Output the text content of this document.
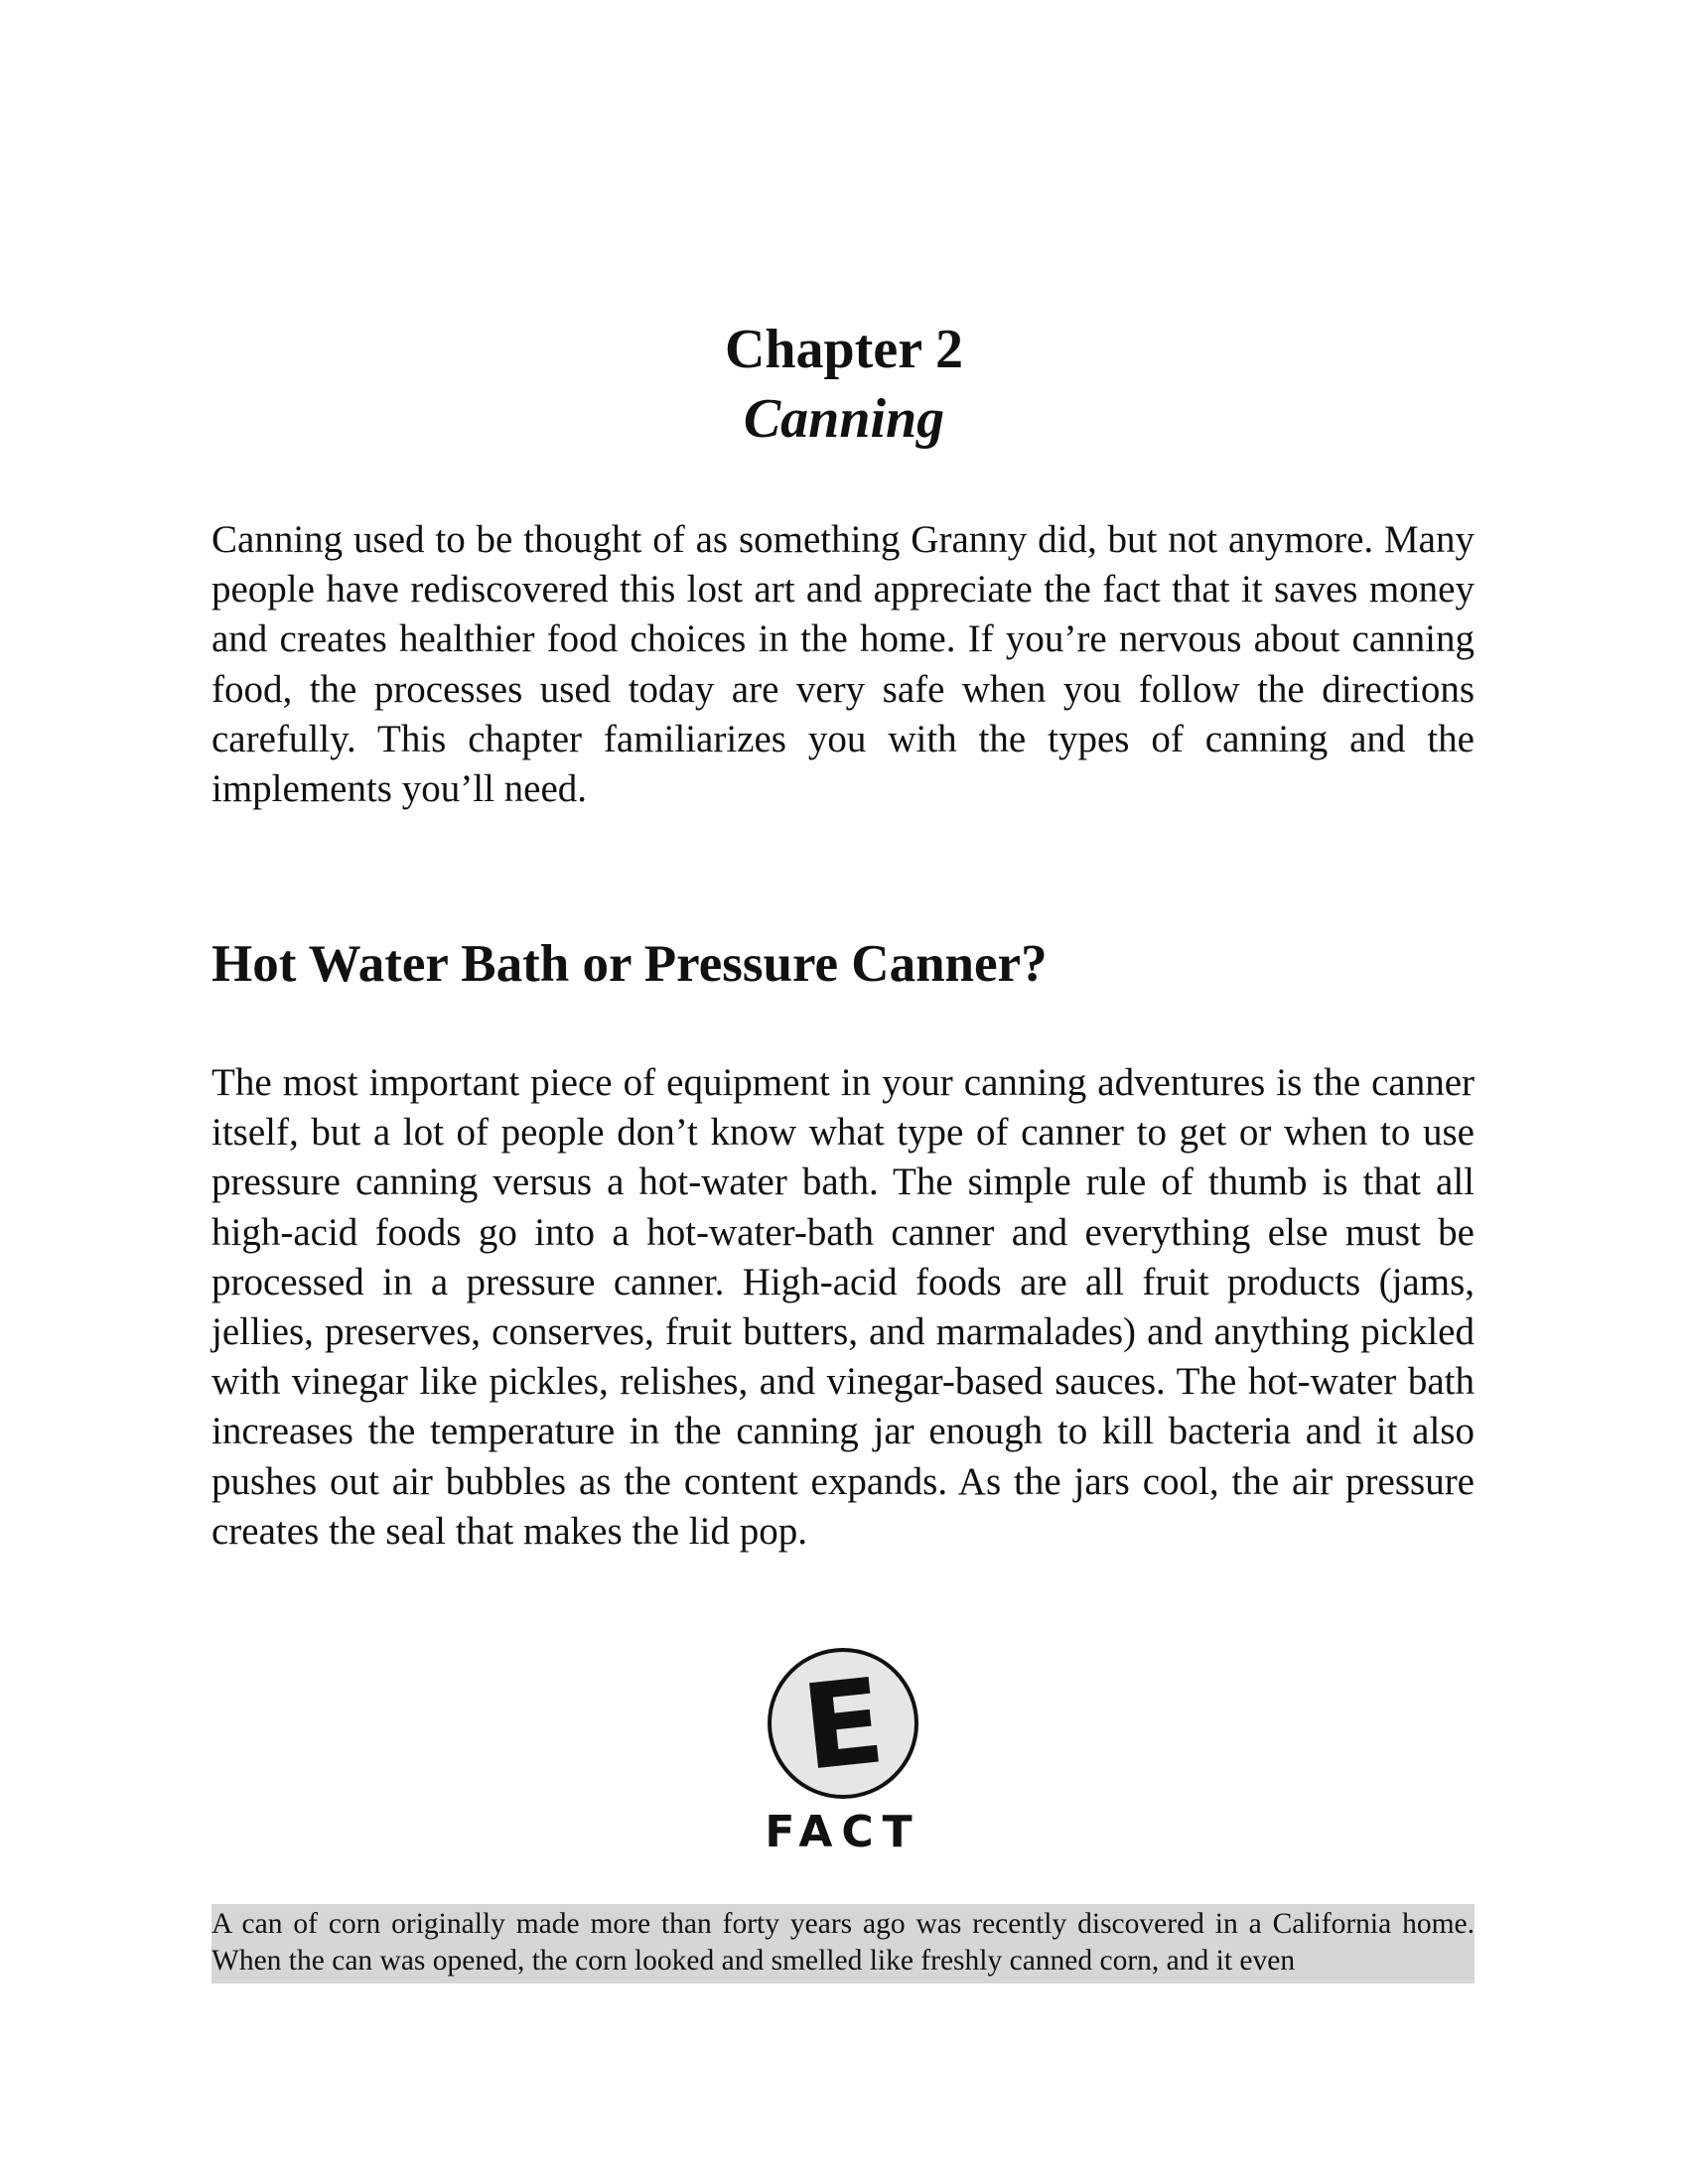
Chapter 2
Canning

Canning used to be thought of as something Granny did, but not anymore. Many people have rediscovered this lost art and appreciate the fact that it saves money and creates healthier food choices in the home. If you’re nervous about canning food, the processes used today are very safe when you follow the directions carefully. This chapter familiarizes you with the types of canning and the implements you’ll need.

Hot Water Bath or Pressure Canner?

The most important piece of equipment in your canning adventures is the canner itself, but a lot of people don’t know what type of canner to get or when to use pressure canning versus a hot-water bath. The simple rule of thumb is that all high-acid foods go into a hot-water-bath canner and everything else must be processed in a pressure canner. High-acid foods are all fruit products (jams, jellies, preserves, conserves, fruit butters, and marmalades) and anything pickled with vinegar like pickles, relishes, and vinegar-based sauces. The hot-water bath increases the temperature in the canning jar enough to kill bacteria and it also pushes out air bubbles as the content expands. As the jars cool, the air pressure creates the seal that makes the lid pop.

E
FACT

A can of corn originally made more than forty years ago was recently discovered in a California home. When the can was opened, the corn looked and smelled like freshly canned corn, and it even
